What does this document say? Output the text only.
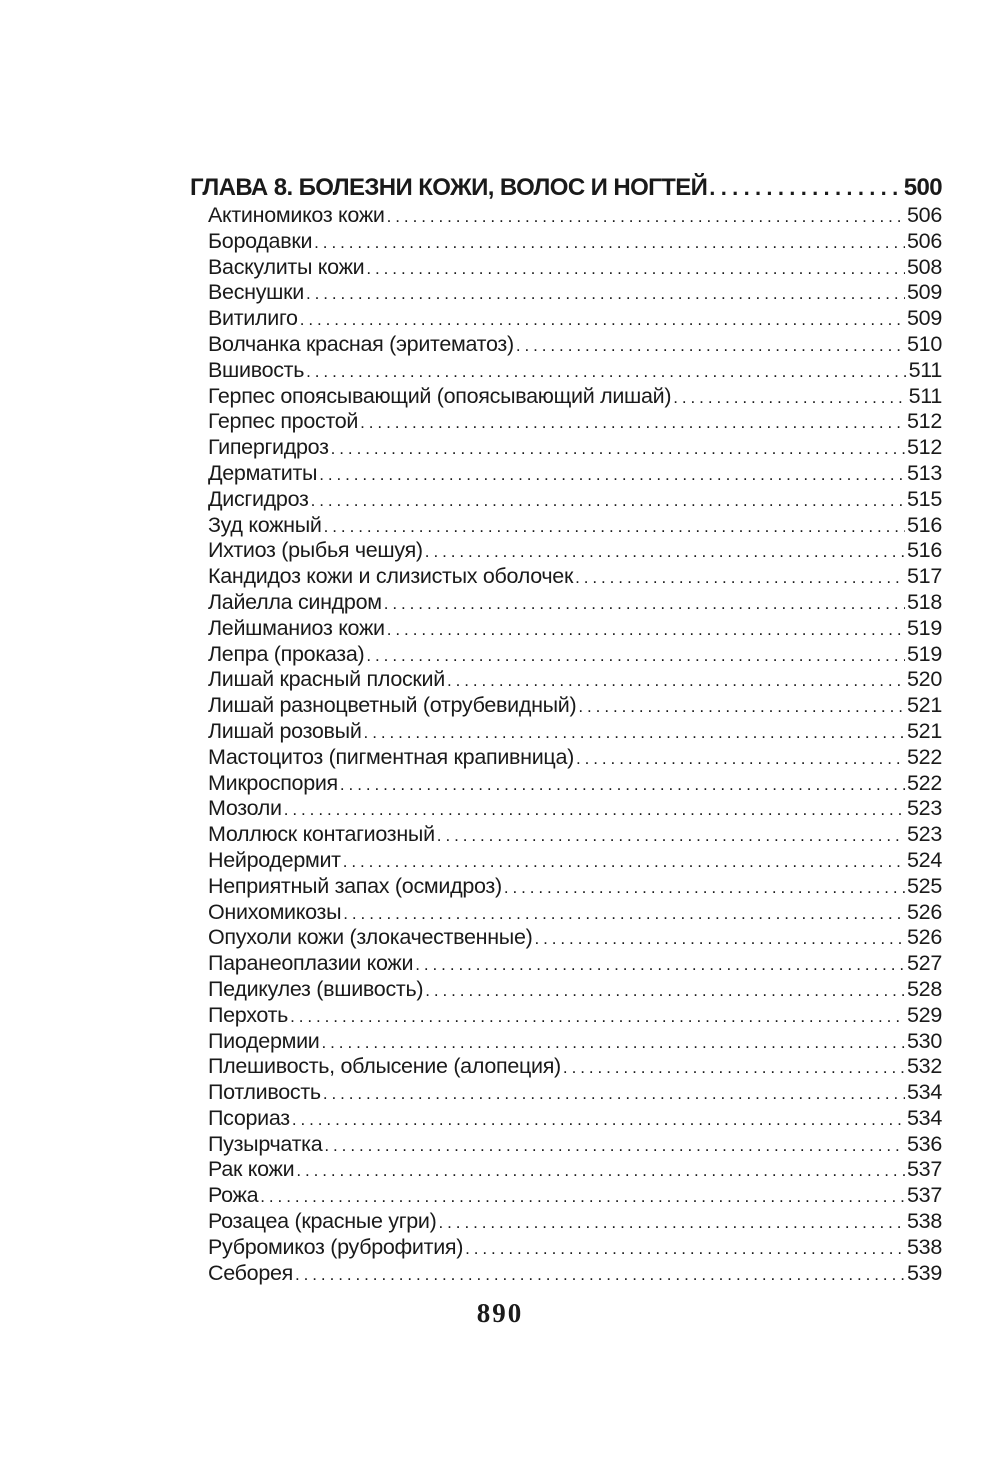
ГЛАВА 8. БОЛЕЗНИ КОЖИ, ВОЛОС И НОГТЕЙ . . .	500
Актиномикоз кожи . . .	506
Бородавки . . .	506
Васкулиты кожи . . .	508
Веснушки . . .	509
Витилиго . . .	509
Волчанка красная (эритематоз) . . .	510
Вшивость . . .	511
Герпес опоясывающий (опоясывающий лишай) . . .	511
Герпес простой . . .	512
Гипергидроз . . .	512
Дерматиты . . .	513
Дисгидроз . . .	515
Зуд кожный . . .	516
Ихтиоз (рыбья чешуя) . . .	516
Кандидоз кожи и слизистых оболочек . . .	517
Лайелла синдром . . .	518
Лейшманиоз кожи . . .	519
Лепра (проказа) . . .	519
Лишай красный плоский . . .	520
Лишай разноцветный (отрубевидный) . . .	521
Лишай розовый . . .	521
Мастоцитоз (пигментная крапивница) . . .	522
Микроспория . . .	522
Мозоли . . .	523
Моллюск контагиозный . . .	523
Нейродермит . . .	524
Неприятный запах (осмидроз) . . .	525
Онихомикозы . . .	526
Опухоли кожи (злокачественные) . . .	526
Паранеоплазии кожи . . .	527
Педикулез (вшивость) . . .	528
Перхоть . . .	529
Пиодермии . . .	530
Плешивость, облысение (алопеция) . . .	532
Потливость . . .	534
Псориаз . . .	534
Пузырчатка . . .	536
Рак кожи . . .	537
Рожа . . .	537
Розацеа (красные угри) . . .	538
Рубромикоз (руброфития) . . .	538
Себорея . . .	539
890
